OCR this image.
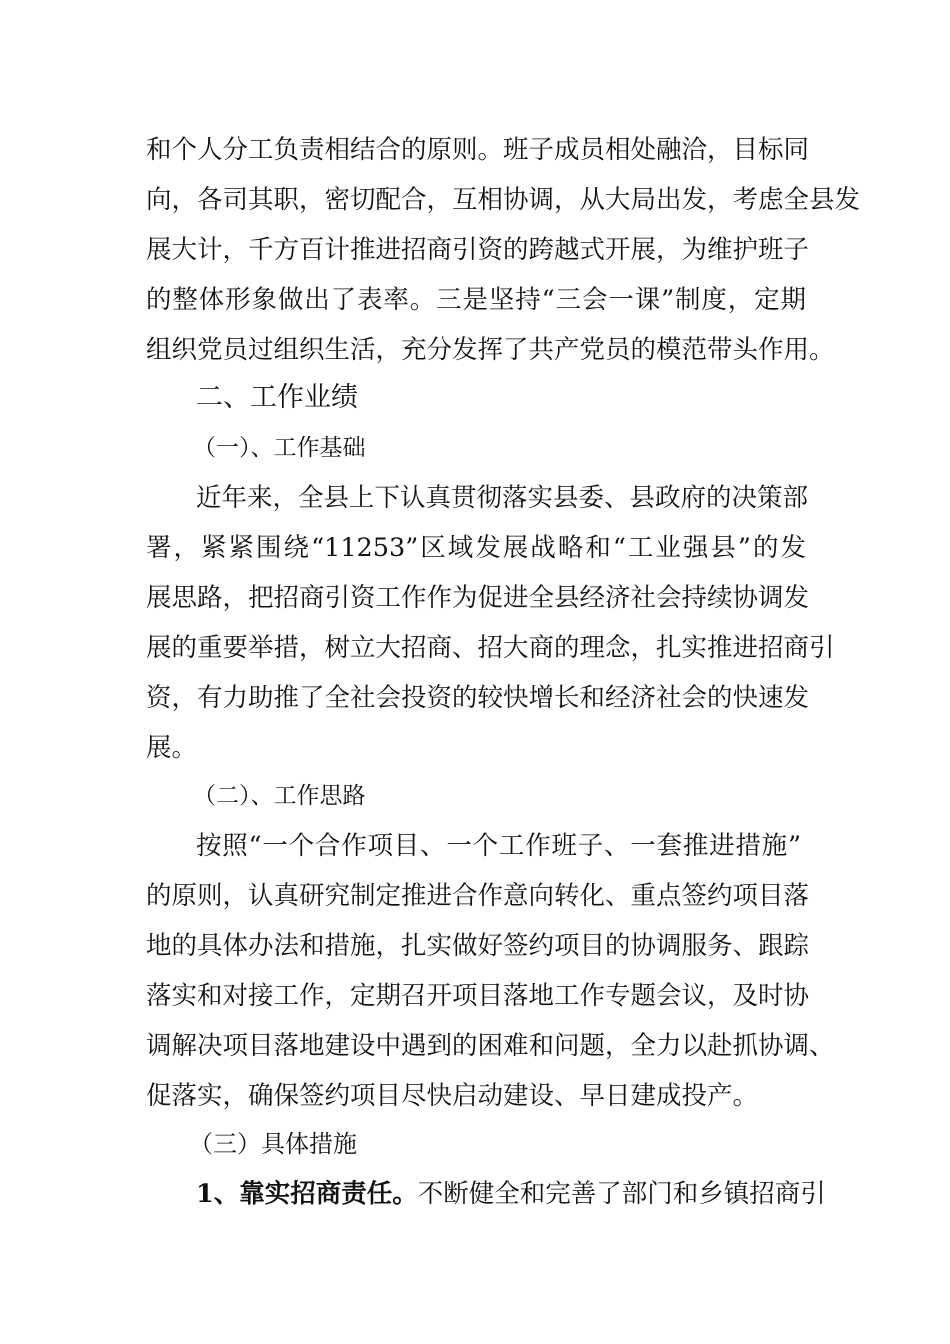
和个人分工负责相结合的原则。班子成员相处融洽，目标同
向，各司其职，密切配合，互相协调，从大局出发，考虑全县发
展大计，千方百计推进招商引资的跨越式开展，为维护班子
的整体形象做出了表率。三是坚持“三会一课”制度，定期
组织党员过组织生活，充分发挥了共产党员的模范带头作用。
二、工作业绩
（一）、工作基础
近年来，全县上下认真贯彻落实县委、县政府的决策部
署，紧紧围绕“11253”区域发展战略和“工业强县”的发
展思路，把招商引资工作作为促进全县经济社会持续协调发
展的重要举措，树立大招商、招大商的理念，扎实推进招商引
资，有力助推了全社会投资的较快增长和经济社会的快速发
展。
（二）、工作思路
按照“一个合作项目、一个工作班子、一套推进措施”
的原则，认真研究制定推进合作意向转化、重点签约项目落
地的具体办法和措施，扎实做好签约项目的协调服务、跟踪
落实和对接工作，定期召开项目落地工作专题会议，及时协
调解决项目落地建设中遇到的困难和问题，全力以赴抓协调、
促落实，确保签约项目尽快启动建设、早日建成投产。
（三）具体措施
1、靠实招商责任。不断健全和完善了部门和乡镇招商引
